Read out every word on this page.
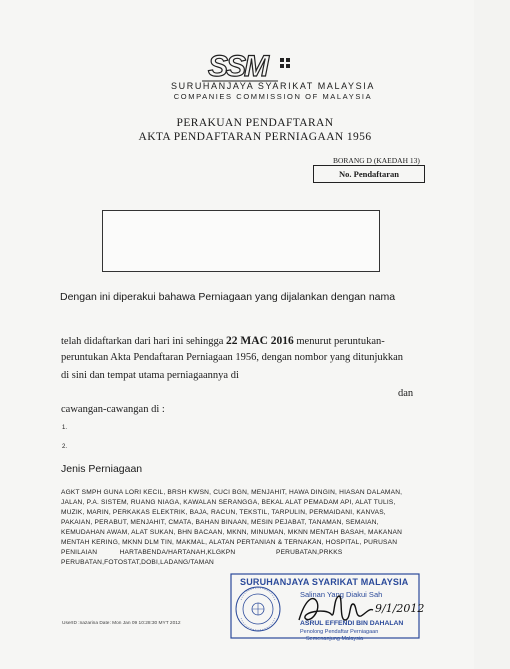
SSM
SURUHANJAYA SYARIKAT MALAYSIA
COMPANIES COMMISSION OF MALAYSIA
PERAKUAN PENDAFTARAN
AKTA PENDAFTARAN PERNIAGAAN 1956
BORANG D (KAEDAH 13)
No. Pendaftaran
Dengan ini diperakui bahawa Perniagaan yang dijalankan dengan nama
telah didaftarkan dari hari ini sehingga 22 MAC 2016 menurut peruntukan-
peruntukan Akta Pendaftaran Perniagaan 1956, dengan nombor yang ditunjukkan
di sini dan tempat utama perniagaannya di
dan
cawangan-cawangan di :
1.
2.
Jenis Perniagaan
AGKT SMPH GUNA LORI KECIL, BRSH KWSN, CUCI BGN, MENJAHIT, HAWA DINGIN, HIASAN DALAMAN,
JALAN, P.A. SISTEM, RUANG NIAGA, KAWALAN SERANGGA, BEKAL ALAT PEMADAM API, ALAT TULIS,
MUZIK, MARIN, PERKAKAS ELEKTRIK, BAJA, RACUN, TEKSTIL, TARPULIN, PERMAIDANI, KANVAS,
PAKAIAN, PERABUT, MENJAHIT, CMATA, BAHAN BINAAN, MESIN PEJABAT, TANAMAN, SEMAIAN,
KEMUDAHAN AWAM, ALAT SUKAN, BHN BACAAN, MKNN, MINUMAN, MKNN MENTAH BASAH, MAKANAN
MENTAH KERING, MKNN DLM TIN, MAKMAL, ALATAN PERTANIAN & TERNAKAN, HOSPITAL, PURUSAN
PENILAIAN           HARTABENDA/HARTANAH,KLGKPN                    PERUBATAN,PRKKS
PERUBATAN,FOTOSTAT,DOBI,LADANG/TAMAN
UserID :nazarina Date: Mon Jan 09 10:28:30 MYT 2012
SURUHANJAYA SYARIKAT MALAYSIA
Salinan Yang Diakui Sah
ASRUL EFFENDI BIN DAHALAN
Penolong Pendaftar Perniagaan
Semenanjung Malaysia
9/1/2012
